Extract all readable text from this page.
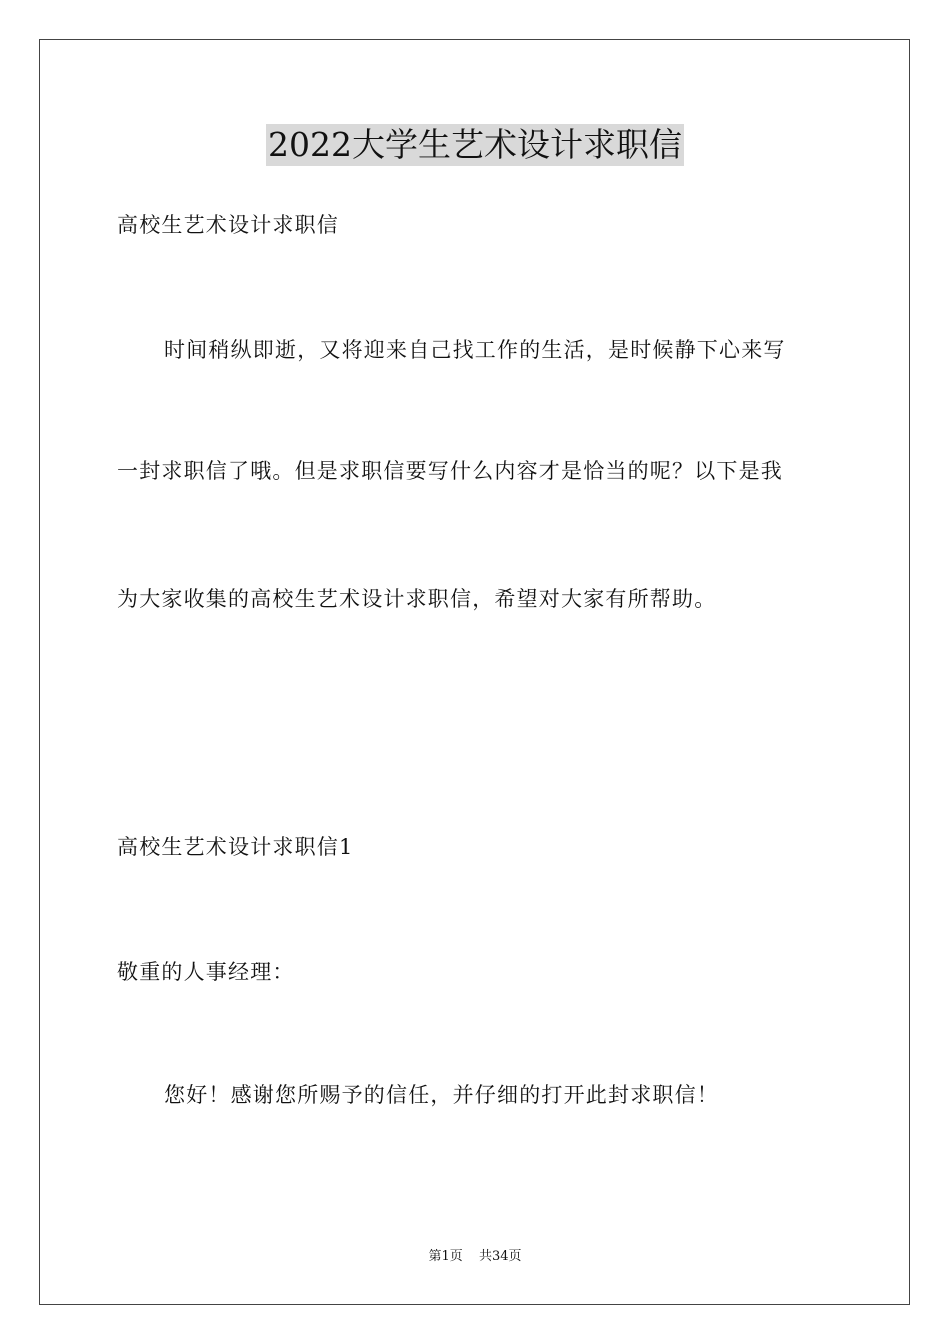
2022大学生艺术设计求职信
高校生艺术设计求职信
时间稍纵即逝，又将迎来自己找工作的生活，是时候静下心来写
一封求职信了哦。但是求职信要写什么内容才是恰当的呢？以下是我
为大家收集的高校生艺术设计求职信，希望对大家有所帮助。
高校生艺术设计求职信1
敬重的人事经理：
您好！感谢您所赐予的信任，并仔细的打开此封求职信！
第1页 共34页
